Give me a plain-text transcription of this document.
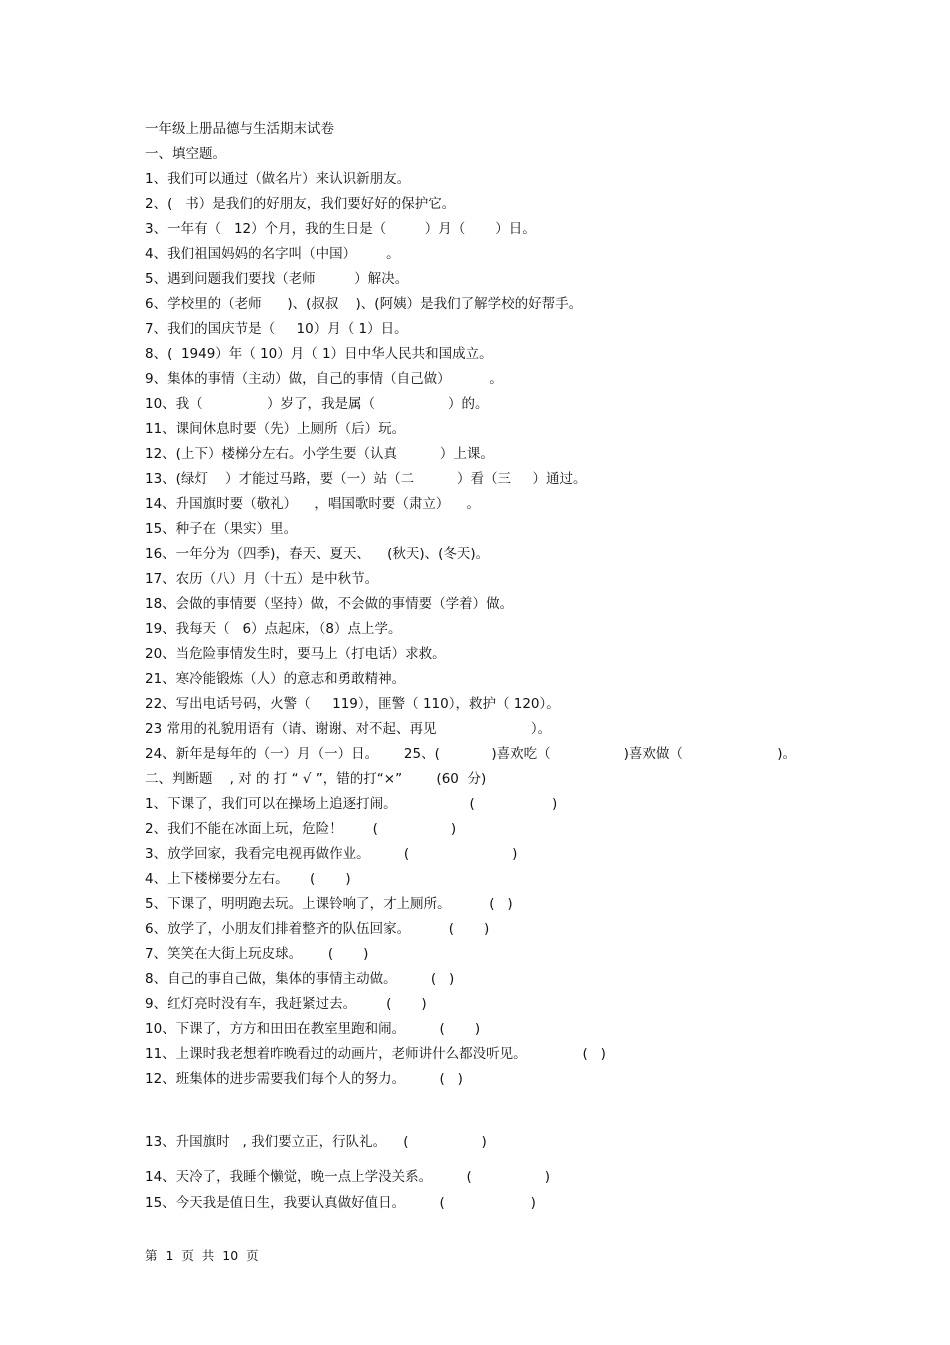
一年级上册品德与生活期末试卷
一、填空题。
1、我们可以通过（做名片）来认识新朋友。
2、(   书）是我们的好朋友，我们要好好的保护它。
3、一年有（   12）个月，我的生日是（         ）月（       ）日。
4、我们祖国妈妈的名字叫（中国）       。
5、遇到问题我们要找（老师         ）解决。
6、学校里的（老师      )、(叔叔    )、(阿姨）是我们了解学校的好帮手。
7、我们的国庆节是（     10）月（ 1）日。
8、(  1949）年（ 10）月（ 1）日中华人民共和国成立。
9、集体的事情（主动）做，自己的事情（自己做）         。
10、我（               ）岁了，我是属（                 ）的。
11、课间休息时要（先）上厕所（后）玩。
12、(上下）楼梯分左右。小学生要（认真          ）上课。
13、(绿灯    ）才能过马路，要（一）站（二          ）看（三     ）通过。
14、升国旗时要（敬礼）    ，唱国歌时要（肃立）    。
15、种子在（果实）里。
16、一年分为（四季)，春天、夏天、    (秋天)、(冬天)。
17、农历（八）月（十五）是中秋节。
18、会做的事情要（坚持）做，不会做的事情要（学着）做。
19、我每天（   6）点起床，（8）点上学。
20、当危险事情发生时，要马上（打电话）求救。
21、寒冷能锻炼（人）的意志和勇敢精神。
22、写出电话号码，火警（     119），匪警（ 110），救护（ 120）。
23 常用的礼貌用语有（请、谢谢、对不起、再见                      ）。
24、新年是每年的（一）月（一）日。      25、(            )喜欢吃（                 )喜欢做（                      )。
二、判断题    , 对 的 打 “ √ ”，错的打“×”        (60  分)
1、下课了，我们可以在操场上追逐打闹。                 (                  )
2、我们不能在冰面上玩，危险！       (                 )
3、放学回家，我看完电视再做作业。        (                        )
4、上下楼梯要分左右。     (       )
5、下课了，明明跑去玩。上课铃响了，才上厕所。         (   )
6、放学了，小朋友们排着整齐的队伍回家。         (       )
7、笑笑在大街上玩皮球。      (       )
8、自己的事自己做，集体的事情主动做。        (   )
9、红灯亮时没有车，我赶紧过去。       (       )
10、下课了，方方和田田在教室里跑和闹。        (       )
11、上课时我老想着昨晚看过的动画片，老师讲什么都没听见。             (   )
12、班集体的进步需要我们每个人的努力。        (   )
13、升国旗时   , 我们要立正，行队礼。    (                 )
14、天冷了，我睡个懒觉，晚一点上学没关系。        (                 )
15、今天我是值日生，我要认真做好值日。        (                    )
第  1  页  共  10  页
